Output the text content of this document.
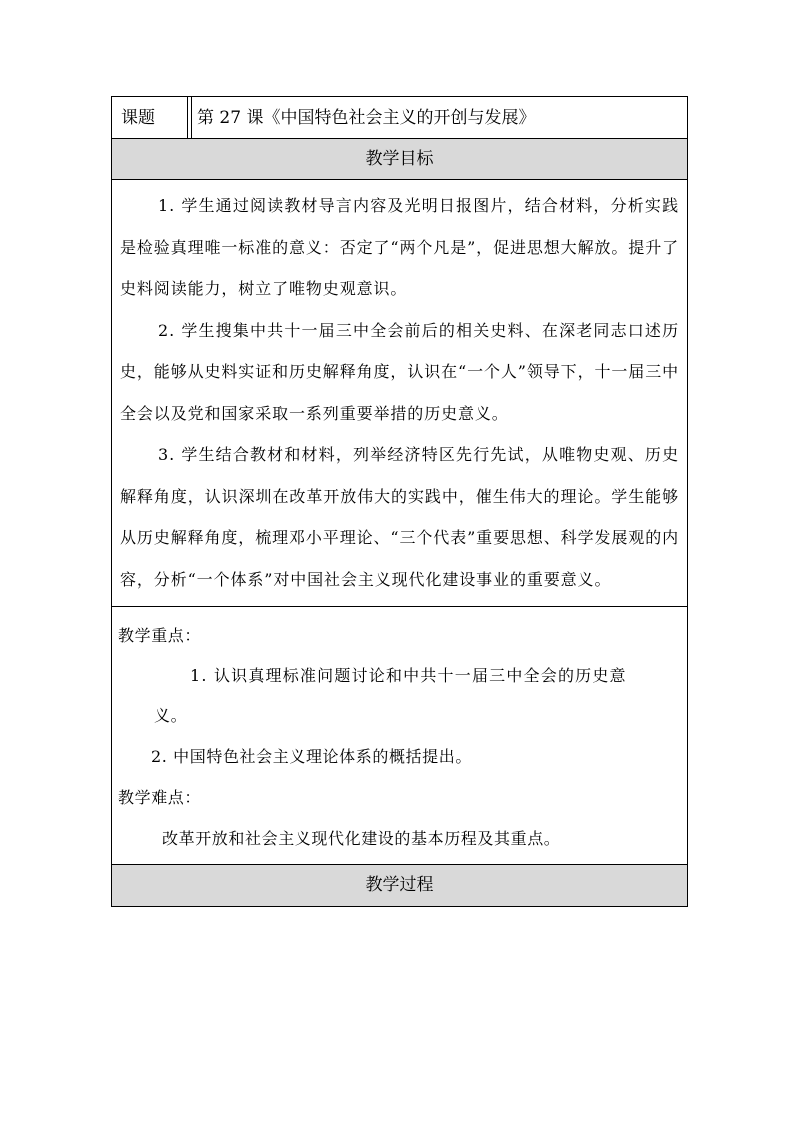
课题	第 27 课《中国特色社会主义的开创与发展》
教学目标

1. 学生通过阅读教材导言内容及光明日报图片，结合材料，分析实践是检验真理唯一标准的意义：否定了“两个凡是”，促进思想大解放。提升了史料阅读能力，树立了唯物史观意识。

2. 学生搜集中共十一届三中全会前后的相关史料、在深老同志口述历史，能够从史料实证和历史解释角度，认识在“一个人”领导下，十一届三中全会以及党和国家采取一系列重要举措的历史意义。

3. 学生结合教材和材料，列举经济特区先行先试，从唯物史观、历史解释角度，认识深圳在改革开放伟大的实践中，催生伟大的理论。学生能够从历史解释角度，梳理邓小平理论、“三个代表”重要思想、科学发展观的内容，分析“一个体系”对中国社会主义现代化建设事业的重要意义。

教学重点：
1. 认识真理标准问题讨论和中共十一届三中全会的历史意
义。
2. 中国特色社会主义理论体系的概括提出。
教学难点：
改革开放和社会主义现代化建设的基本历程及其重点。
教学过程
